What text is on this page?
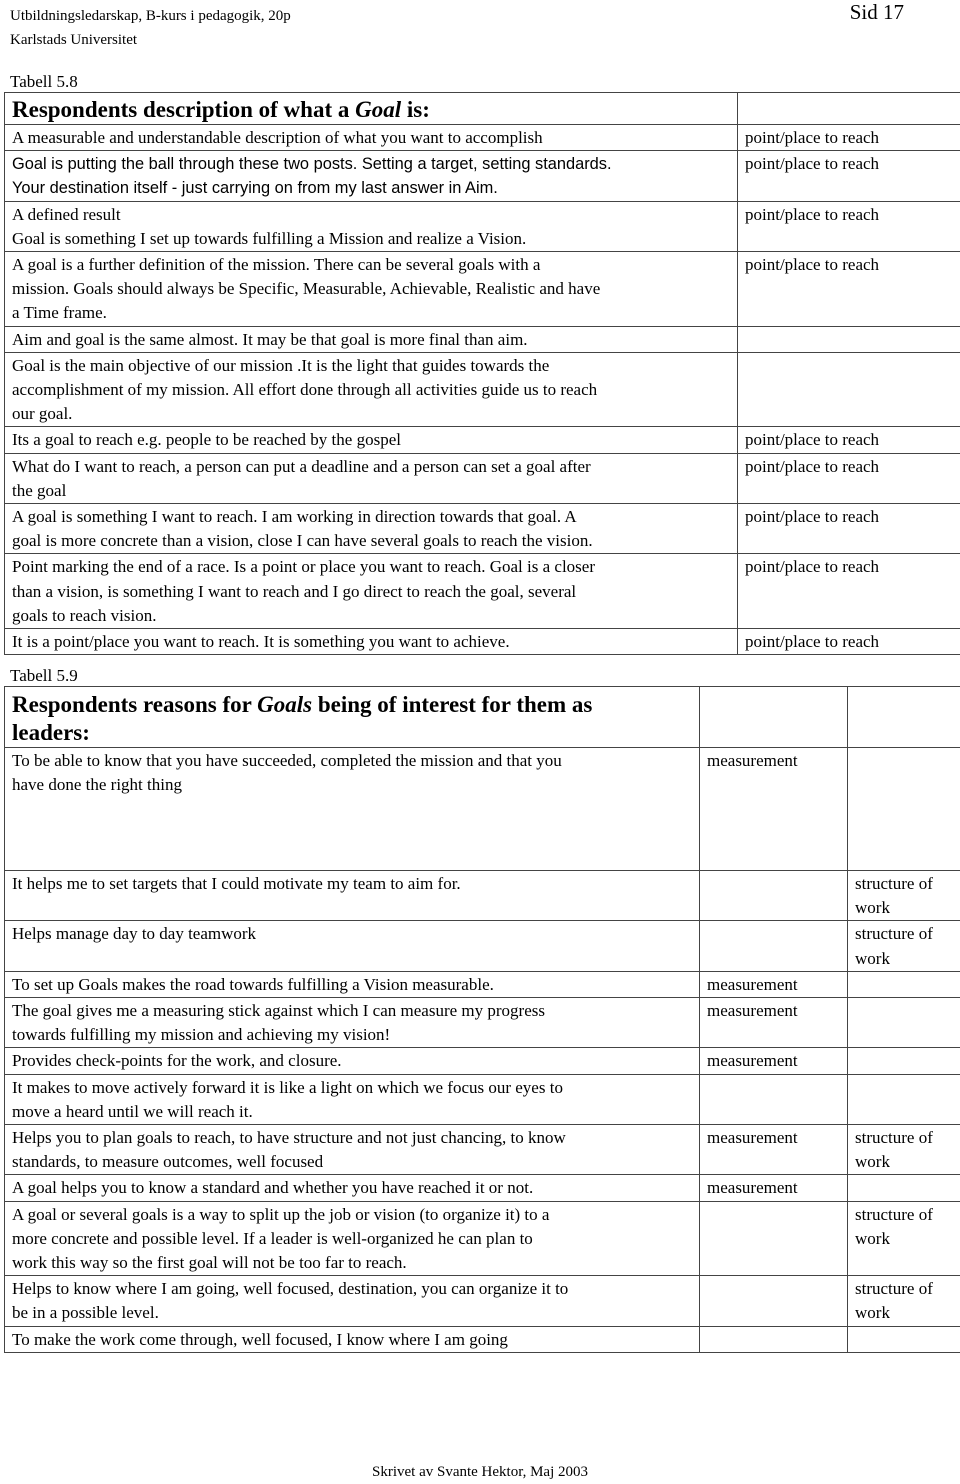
Utbildningsledarskap, B-kurs i pedagogik, 20p
Karlstads Universitet
Sid 17
Tabell 5.8
Respondents description of what a Goal is:	

A measurable and understandable description of what you want to accomplish	point/place to reach

Goal is putting the ball through these two posts. Setting a target, setting standards.
Your destination itself - just carrying on from my last answer in Aim.	point/place to reach

A defined result
Goal is something I set up towards fulfilling a Mission and realize a Vision.	point/place to reach

A goal is a further definition of the mission. There can be several goals with a
mission. Goals should always be Specific, Measurable, Achievable, Realistic and have
a Time frame.	point/place to reach

Aim and goal is the same almost. It may be that goal is more final than aim.	

Goal is the main objective of our mission .It is the light that guides towards the
accomplishment of my mission. All effort done through all activities guide us to reach
our goal.	

Its a goal to reach e.g. people to be reached by the gospel	point/place to reach

What do I want to reach, a person can put a deadline and a person can set a goal after
the goal	point/place to reach

A goal is something I want to reach. I am working in direction towards that goal. A
goal is more concrete than a vision, close I can have several goals to reach the vision.	point/place to reach

Point marking the end of a race. Is a point or place you want to reach. Goal is a closer
than a vision, is something I want to reach and I go direct to reach the goal, several
goals to reach vision.	point/place to reach

It is a point/place you want to reach. It is something you want to achieve.	point/place to reach
Tabell 5.9
Respondents reasons for Goals being of interest for them as
leaders:		

To be able to know that you have succeeded, completed the mission and that you
have done the right thing	measurement	

It helps me to set targets that I could motivate my team to aim for.		structure of work

Helps manage day to day teamwork		structure of work

To set up Goals makes the road towards fulfilling a Vision measurable.	measurement	

The goal gives me a measuring stick against which I can measure my progress
towards fulfilling my mission and achieving my vision!	measurement	

Provides check-points for the work, and closure.	measurement	

It makes to move actively forward it is like a light on which we focus our eyes to
move a heard until we will reach it.		

Helps you to plan goals to reach, to have structure and not just chancing, to know
standards, to measure outcomes, well focused	measurement	structure of work

A goal helps you to know a standard and whether you have reached it or not.	measurement	

A goal or several goals is a way to split up the job or vision (to organize it) to a
more concrete and possible level. If a leader is well-organized he can plan to
work this way so the first goal will not be too far to reach.		structure of work

Helps to know where I am going, well focused, destination, you can organize it to
be in a possible level.		structure of work

To make the work come through, well focused, I know where I am going		

Skrivet av Svante Hektor, Maj 2003
